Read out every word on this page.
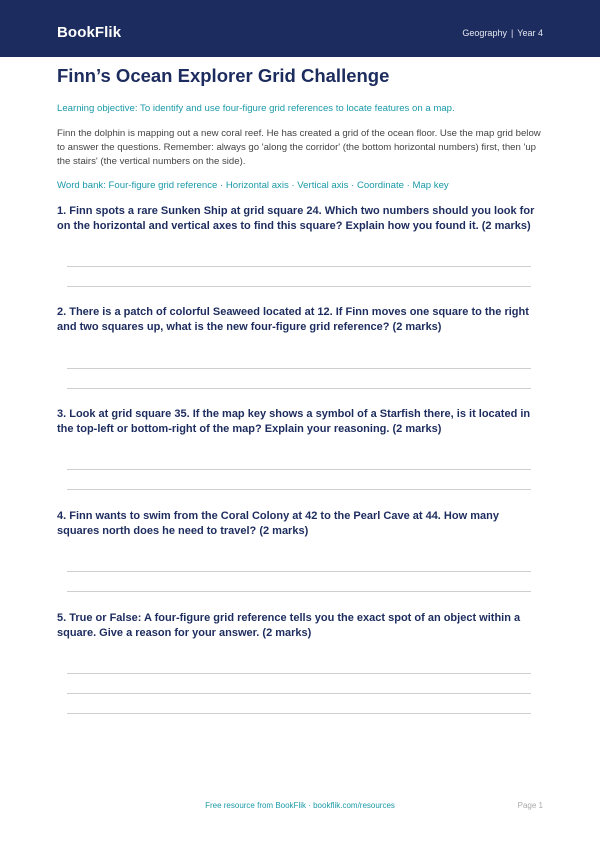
BookFlik	Geography | Year 4
Finn’s Ocean Explorer Grid Challenge
Learning objective: To identify and use four-figure grid references to locate features on a map.
Finn the dolphin is mapping out a new coral reef. He has created a grid of the ocean floor. Use the map grid below to answer the questions. Remember: always go 'along the corridor' (the bottom horizontal numbers) first, then 'up the stairs' (the vertical numbers on the side).
Word bank: Four-figure grid reference · Horizontal axis · Vertical axis · Coordinate · Map key
1. Finn spots a rare Sunken Ship at grid square 24. Which two numbers should you look for on the horizontal and vertical axes to find this square? Explain how you found it. (2 marks)
2. There is a patch of colorful Seaweed located at 12. If Finn moves one square to the right and two squares up, what is the new four-figure grid reference? (2 marks)
3. Look at grid square 35. If the map key shows a symbol of a Starfish there, is it located in the top-left or bottom-right of the map? Explain your reasoning. (2 marks)
4. Finn wants to swim from the Coral Colony at 42 to the Pearl Cave at 44. How many squares north does he need to travel? (2 marks)
5. True or False: A four-figure grid reference tells you the exact spot of an object within a square. Give a reason for your answer. (2 marks)
Free resource from BookFlik · bookflik.com/resources	Page 1
